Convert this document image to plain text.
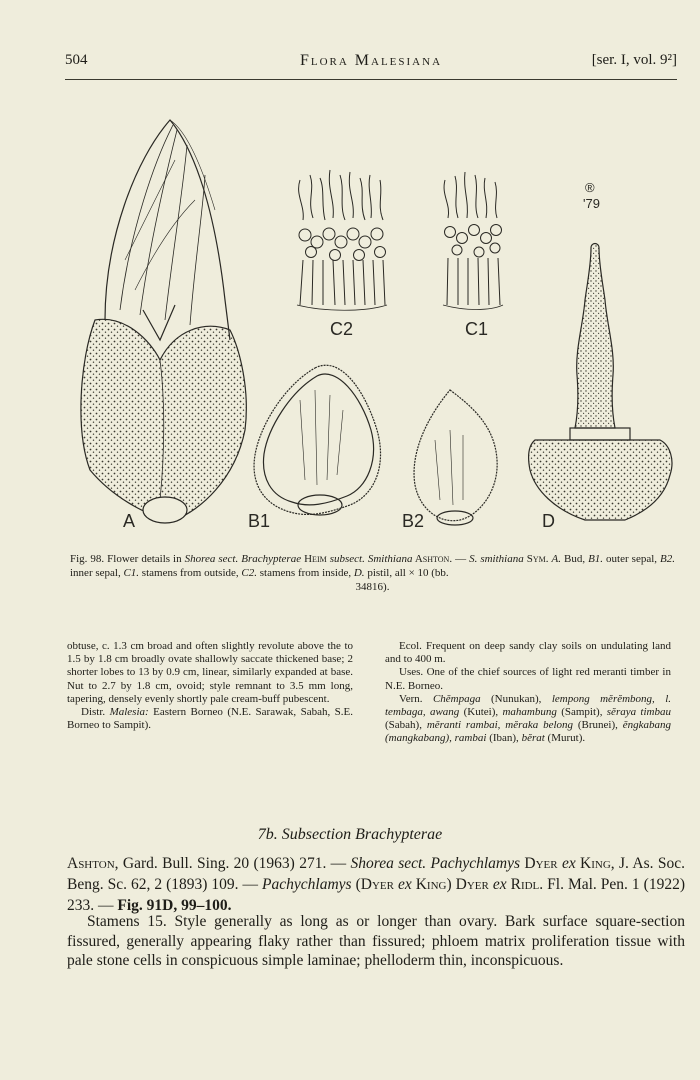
504	Flora Malesiana	[ser. I, vol. 9²]
A	B1	B2
C2	C1
®
'79
D
Fig. 98. Flower details in Shorea sect. Brachypterae Heim subsect. Smithiana Ashton. — S. smithiana Sym. A. Bud, B1. outer sepal, B2. inner sepal, C1. stamens from outside, C2. stamens from inside, D. pistil, all × 10 (bb.
34816).

obtuse, c. 1.3 cm broad and often slightly revolute above the to 1.5 by 1.8 cm broadly ovate shallowly saccate thickened base; 2 shorter lobes to 13 by 0.9 cm, linear, similarly expanded at base. Nut to 2.7 by 1.8 cm, ovoid; style remnant to 3.5 mm long, tapering, densely evenly shortly pale cream-buff pubescent.

Distr. Malesia: Eastern Borneo (N.E. Sarawak, Sabah, S.E. Borneo to Sampit).

Ecol. Frequent on deep sandy clay soils on undulating land and to 400 m.

Uses. One of the chief sources of light red meranti timber in N.E. Borneo.

Vern. Chĕmpaga (Nunukan), lempong mĕrĕmbong, l. tembaga, awang (Kutei), mahambung (Sampit), sĕraya timbau (Sabah), mĕranti rambai, mĕraka belong (Brunei), ĕngkabang (mangkabang), rambai (Iban), bĕrat (Murut).

7b. Subsection Brachypterae
Ashton, Gard. Bull. Sing. 20 (1963) 271. — Shorea sect. Pachychlamys Dyer ex King, J. As. Soc. Beng. Sc. 62, 2 (1893) 109. — Pachychlamys (Dyer ex King) Dyer ex Ridl. Fl. Mal. Pen. 1 (1922) 233. — Fig. 91D, 99–100.

Stamens 15. Style generally as long as or longer than ovary. Bark surface square-section fissured, generally appearing flaky rather than fissured; phloem matrix proliferation tissue with pale stone cells in conspicuous simple laminae; phelloderm thin, inconspicuous.
